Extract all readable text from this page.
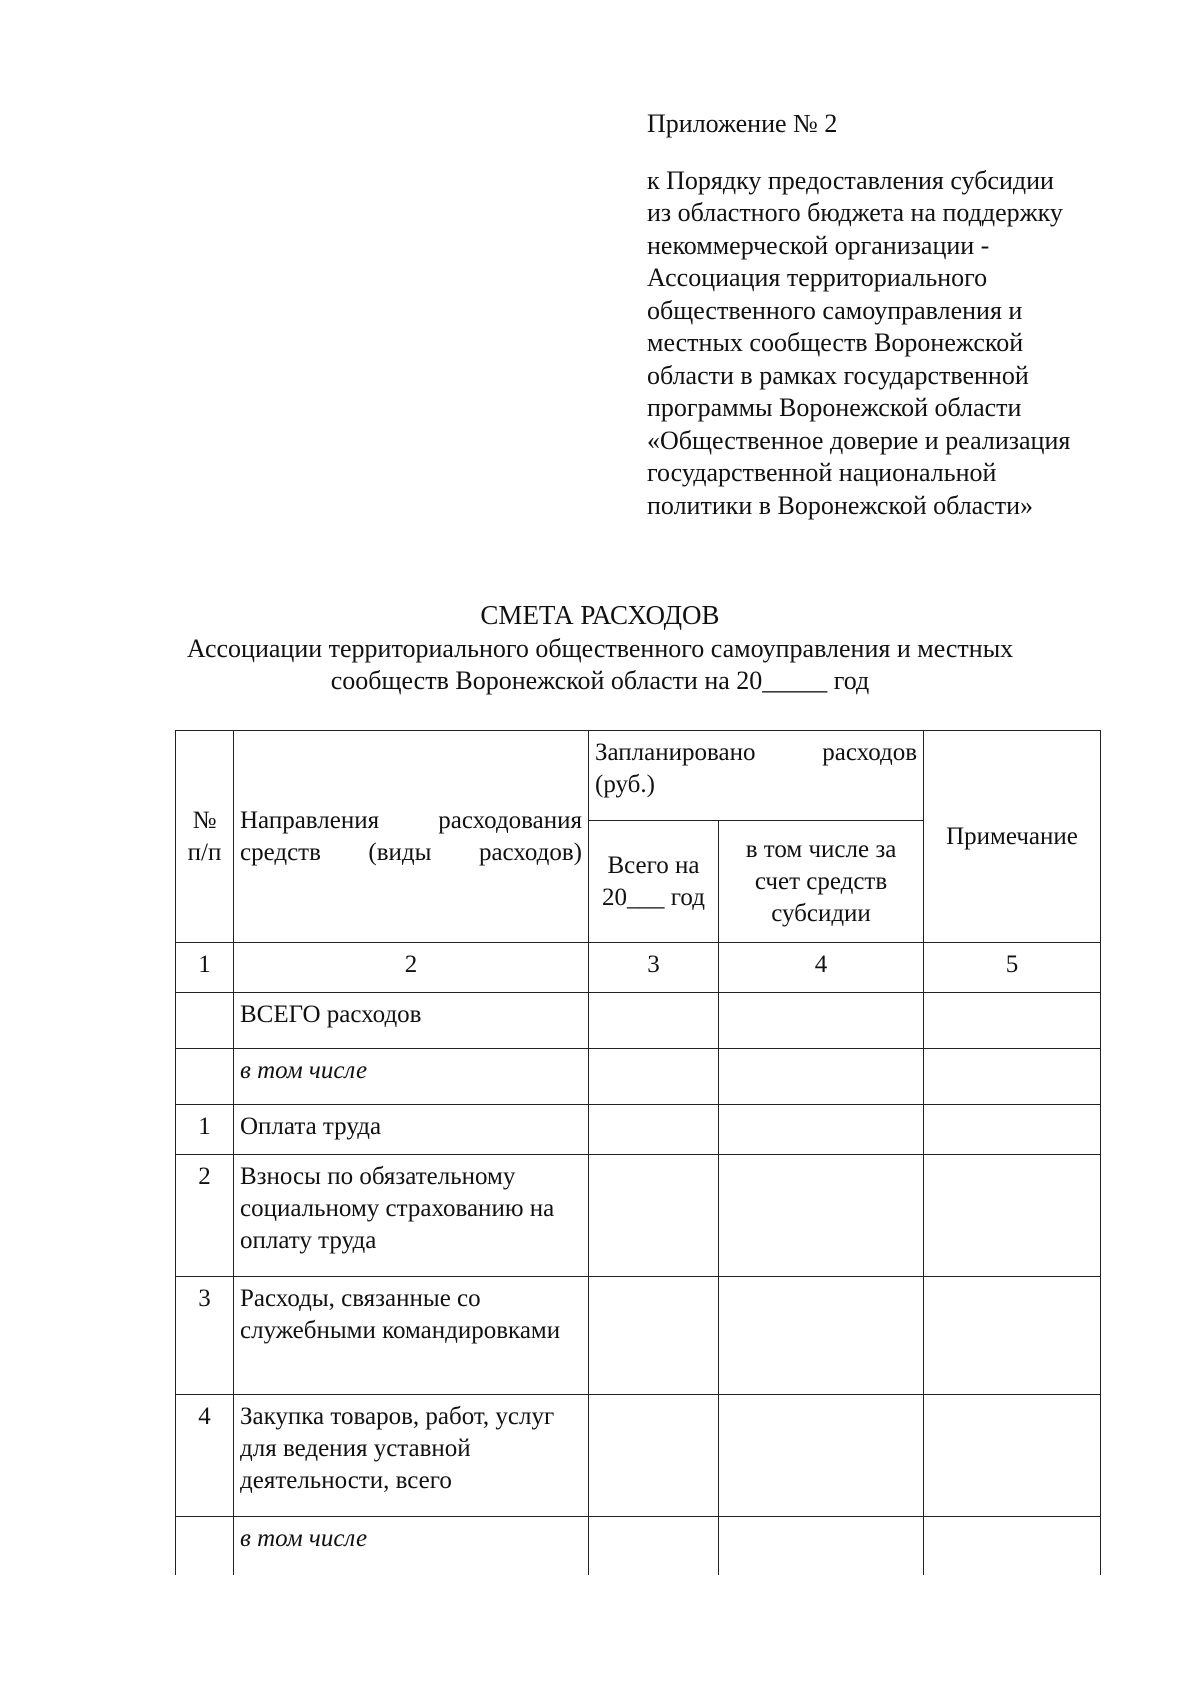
Приложение № 2
к Порядку предоставления субсидии
из областного бюджета на поддержку
некоммерческой организации -
Ассоциация территориального
общественного самоуправления и
местных сообществ Воронежской
области в рамках государственной
программы Воронежской области
«Общественное доверие и реализация
государственной национальной
политики в Воронежской области»
СМЕТА РАСХОДОВ
Ассоциации территориального общественного самоуправления и местных
сообществ Воронежской области на 20_____ год
№ п/п	Направления расходования средств (виды расходов)	Запланировано расходов (руб.)		Примечание
		Всего на 20___ год	в том числе за счет средств субсидии	
1	2	3	4	5
	ВСЕГО расходов			
	в том числе			
1	Оплата труда			
2	Взносы по обязательному социальному страхованию на оплату труда			
3	Расходы, связанные со служебными командировками			
4	Закупка товаров, работ, услуг для ведения уставной деятельности, всего			
	в том числе			
